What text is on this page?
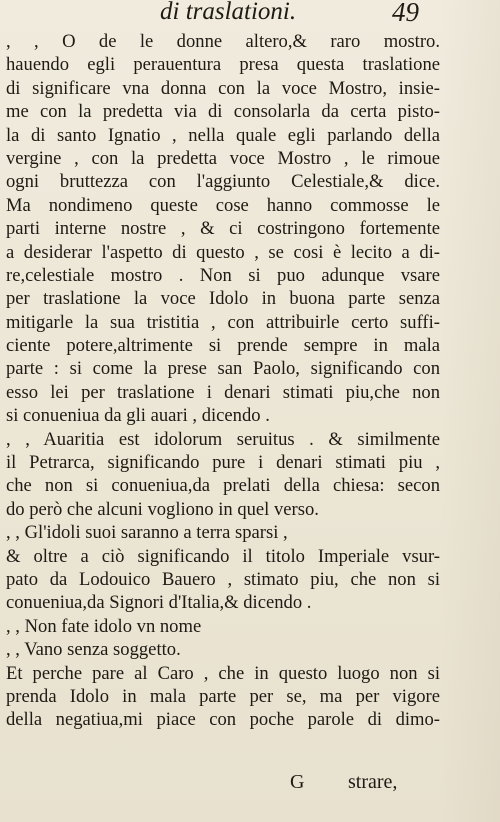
di traslationi.	49
, , O de le donne altero,& raro mostro.
hauendo egli perauentura presa questa traslatione
di significare vna donna con la voce Mostro, insie-
me con la predetta via di consolarla da certa pisto-
la di santo Ignatio , nella quale egli parlando della
vergine , con la predetta voce Mostro , le rimoue
ogni bruttezza con l'aggiunto Celestiale,& dice.
Ma nondimeno queste cose hanno commosse le
parti interne nostre , & ci costringono fortemente
a desiderar l'aspetto di questo , se cosi è lecito a di-
re,celestiale mostro . Non si puo adunque vsare
per traslatione la voce Idolo in buona parte senza
mitigarle la sua tristitia , con attribuirle certo suffi-
ciente potere,altrimente si prende sempre in mala
parte : si come la prese san Paolo, significando con
esso lei per traslatione i denari stimati piu,che non
si conueniua da gli auari , dicendo .
, , Auaritia est idolorum seruitus . & similmente
il Petrarca, significando pure i denari stimati piu ,
che non si conueniua,da prelati della chiesa: secon
do però che alcuni vogliono in quel verso.
, , Gl'idoli suoi saranno a terra sparsi ,
& oltre a ciò significando il titolo Imperiale vsur-
pato da Lodouico Bauero , stimato piu, che non si
conueniua,da Signori d'Italia,& dicendo .
, , Non fate idolo vn nome
, , Vano senza soggetto.
Et perche pare al Caro , che in questo luogo non si
prenda Idolo in mala parte per se, ma per vigore
della negatiua,mi piace con poche parole di dimo-
G strare,
